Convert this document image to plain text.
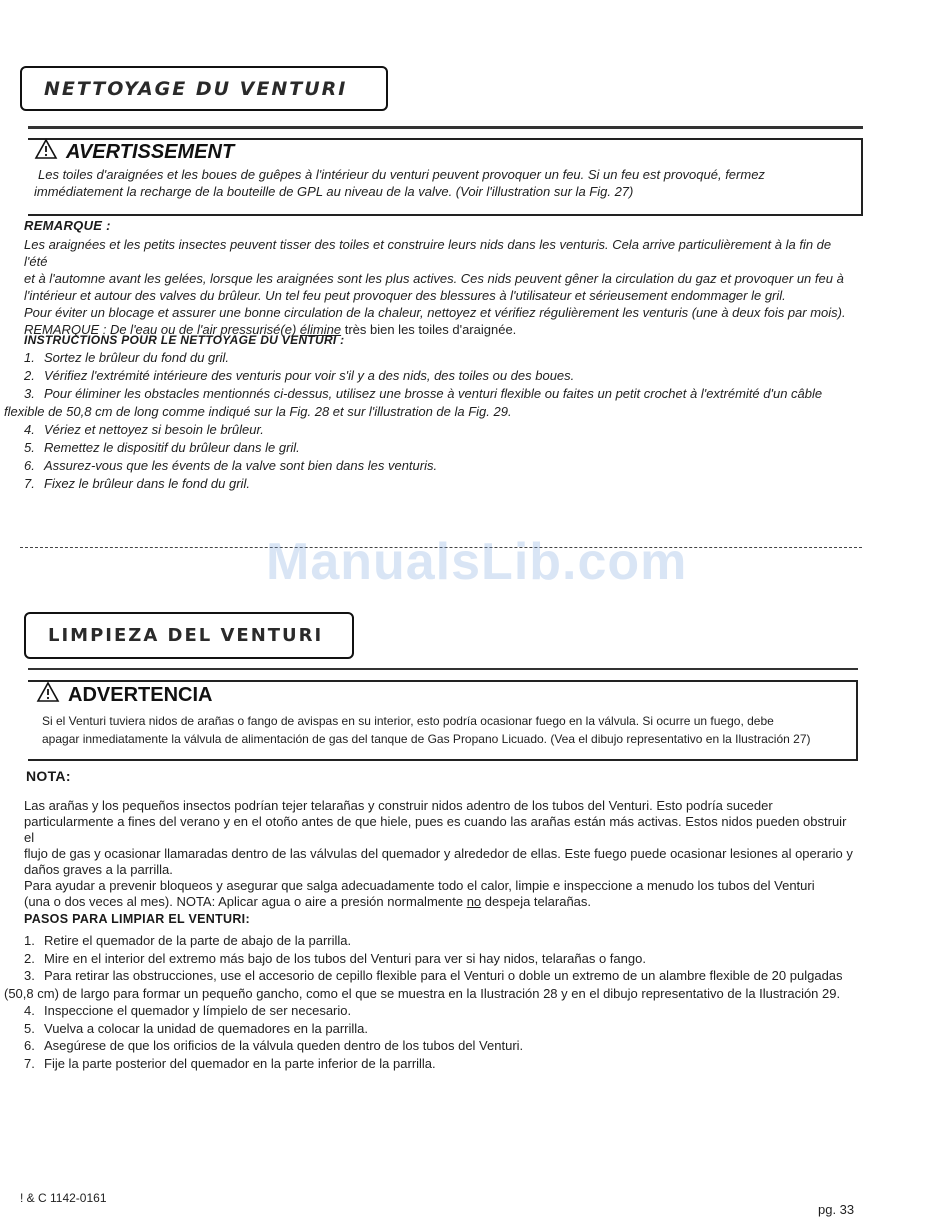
NETTOYAGE DU VENTURI
AVERTISSEMENT
Les toiles d'araignées et les boues de guêpes à l'intérieur du venturi peuvent provoquer un feu. Si un feu est provoqué, fermez
immédiatement la recharge de la bouteille de GPL au niveau de la valve. (Voir l'illustration sur la Fig. 27)
REMARQUE :
Les araignées et les petits insectes peuvent tisser des toiles et construire leurs nids dans les venturis. Cela arrive particulièrement à la fin de l'été
et à l'automne avant les gelées, lorsque les araignées sont les plus actives. Ces nids peuvent gêner la circulation du gaz et provoquer un feu à
l'intérieur et autour des valves du brûleur. Un tel feu peut provoquer des blessures à l'utilisateur et sérieusement endommager le gril.
Pour éviter un blocage et assurer une bonne circulation de la chaleur, nettoyez et vérifiez régulièrement les venturis (une à deux fois par mois).
REMARQUE : De l'eau ou de l'air pressurisé(e) élimine très bien les toiles d'araignée.
INSTRUCTIONS POUR LE NETTOYAGE DU VENTURI :
1. Sortez le brûleur du fond du gril.
2. Vérifiez l'extrémité intérieure des venturis pour voir s'il y a des nids, des toiles ou des boues.
3. Pour éliminer les obstacles mentionnés ci-dessus, utilisez une brosse à venturi flexible ou faites un petit crochet à l'extrémité d'un câble
flexible de 50,8 cm de long comme indiqué sur la Fig. 28 et sur l'illustration de la Fig. 29.
4. Vériez et nettoyez si besoin le brûleur.
5. Remettez le dispositif du brûleur dans le gril.
6. Assurez-vous que les évents de la valve sont bien dans les venturis.
7. Fixez le brûleur dans le fond du gril.
ManualsLib.com
LIMPIEZA DEL VENTURI
ADVERTENCIA
Si el Venturi tuviera nidos de arañas o fango de avispas en su interior, esto podría ocasionar fuego en la válvula. Si ocurre un fuego, debe
apagar inmediatamente la válvula de alimentación de gas del tanque de Gas Propano Licuado. (Vea el dibujo representativo en la Ilustración 27)
NOTA:
Las arañas y los pequeños insectos podrían tejer telarañas y construir nidos adentro de los tubos del Venturi. Esto podría suceder
particularmente a fines del verano y en el otoño antes de que hiele, pues es cuando las arañas están más activas. Estos nidos pueden obstruir el
flujo de gas y ocasionar llamaradas dentro de las válvulas del quemador y alrededor de ellas. Este fuego puede ocasionar lesiones al operario y
daños graves a la parrilla.
Para ayudar a prevenir bloqueos y asegurar que salga adecuadamente todo el calor, limpie e inspeccione a menudo los tubos del Venturi
(una o dos veces al mes). NOTA: Aplicar agua o aire a presión normalmente no despeja telarañas.
PASOS PARA LIMPIAR EL VENTURI:
1. Retire el quemador de la parte de abajo de la parrilla.
2. Mire en el interior del extremo más bajo de los tubos del Venturi para ver si hay nidos, telarañas o fango.
3. Para retirar las obstrucciones, use el accesorio de cepillo flexible para el Venturi o doble un extremo de un alambre flexible de 20 pulgadas
(50,8 cm) de largo para formar un pequeño gancho, como el que se muestra en la Ilustración 28 y en el dibujo representativo de la Ilustración 29.
4. Inspeccione el quemador y límpielo de ser necesario.
5. Vuelva a colocar la unidad de quemadores en la parrilla.
6. Asegúrese de que los orificios de la válvula queden dentro de los tubos del Venturi.
7. Fije la parte posterior del quemador en la parte inferior de la parrilla.
! & C 1142-0161
pg. 33
